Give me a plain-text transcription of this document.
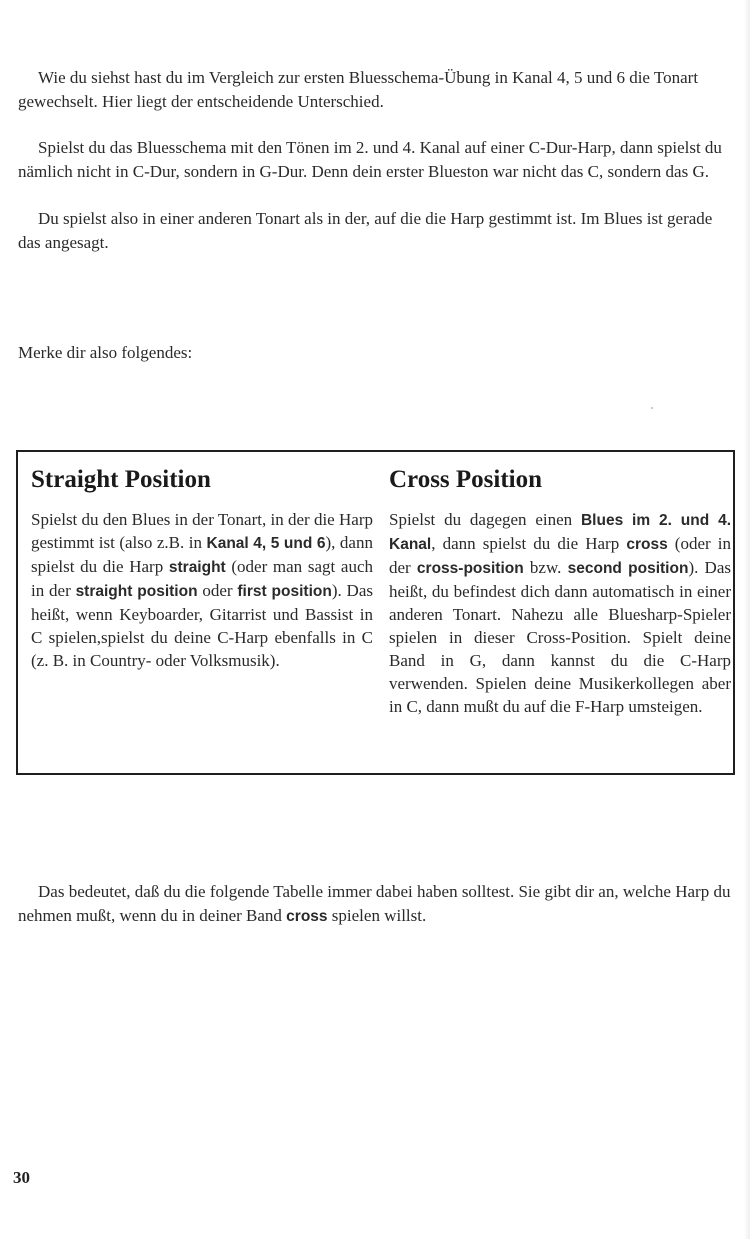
Wie du siehst hast du im Vergleich zur ersten Bluesschema-Übung in Kanal 4, 5 und 6 die Tonart gewechselt. Hier liegt der entscheidende Unterschied.

Spielst du das Bluesschema mit den Tönen im 2. und 4. Kanal auf einer C-Dur-Harp, dann spielst du nämlich nicht in C-Dur, sondern in G-Dur. Denn dein erster Blueston war nicht das C, sondern das G.

Du spielst also in einer anderen Tonart als in der, auf die die Harp gestimmt ist. Im Blues ist gerade das angesagt.

Merke dir also folgendes:

Straight Position

Spielst du den Blues in der Tonart, in der die Harp gestimmt ist (also z.B. in Kanal 4, 5 und 6), dann spielst du die Harp straight (oder man sagt auch in der straight position oder first position). Das heißt, wenn Keyboarder, Gitarrist und Bassist in C spielen,spielst du deine C-Harp ebenfalls in C (z. B. in Country- oder Volksmusik).

Cross Position

Spielst du dagegen einen Blues im 2. und 4. Kanal, dann spielst du die Harp cross (oder in der cross-position bzw. second position). Das heißt, du befindest dich dann automatisch in einer anderen Tonart. Nahezu alle Bluesharp-Spieler spielen in dieser Cross-Position. Spielt deine Band in G, dann kannst du die C-Harp verwenden. Spielen deine Musikerkollegen aber in C, dann mußt du auf die F-Harp umsteigen.

Das bedeutet, daß du die folgende Tabelle immer dabei haben solltest. Sie gibt dir an, welche Harp du nehmen mußt, wenn du in deiner Band cross spielen willst.

30
